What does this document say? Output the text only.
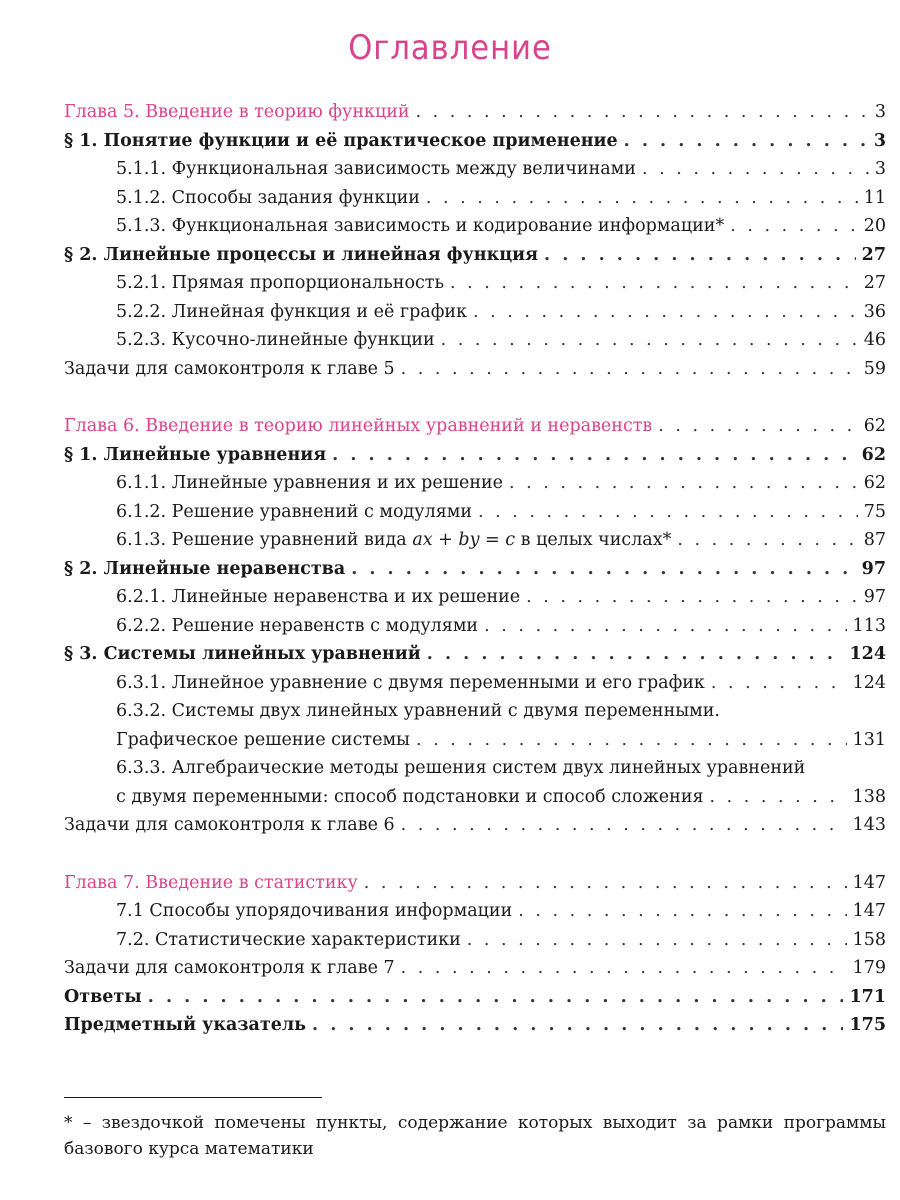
Оглавление
Глава 5. Введение в теорию функций . . .	3
§ 1. Понятие функции и её практическое применение . . .	3
5.1.1. Функциональная зависимость между величинами . . .	3
5.1.2. Способы задания функции . . .	11
5.1.3. Функциональная зависимость и кодирование информации* . . .	20
§ 2. Линейные процессы и линейная функция . . .	27
5.2.1. Прямая пропорциональность . . .	27
5.2.2. Линейная функция и её график . . .	36
5.2.3. Кусочно-линейные функции . . .	46
Задачи для самоконтроля к главе 5 . . .	59
Глава 6. Введение в теорию линейных уравнений и неравенств . . .	62
§ 1. Линейные уравнения . . .	62
6.1.1. Линейные уравнения и их решение . . .	62
6.1.2. Решение уравнений с модулями . . .	75
6.1.3. Решение уравнений вида ax + by = c в целых числах* . . .	87
§ 2. Линейные неравенства . . .	97
6.2.1. Линейные неравенства и их решение . . .	97
6.2.2. Решение неравенств с модулями . . .	113
§ 3. Системы линейных уравнений . . .	124
6.3.1. Линейное уравнение с двумя переменными и его график . . .	124
6.3.2. Системы двух линейных уравнений с двумя переменными.
Графическое решение системы . . .	131
6.3.3. Алгебраические методы решения систем двух линейных уравнений
с двумя переменными: способ подстановки и способ сложения . . .	138
Задачи для самоконтроля к главе 6 . . .	143
Глава 7. Введение в статистику . . .	147
7.1 Способы упорядочивания информации . . .	147
7.2. Статистические характеристики . . .	158
Задачи для самоконтроля к главе 7 . . .	179
Ответы . . .	171
Предметный указатель . . .	175
* – звездочкой помечены пункты, содержание которых выходит за рамки программы базового курса математики
